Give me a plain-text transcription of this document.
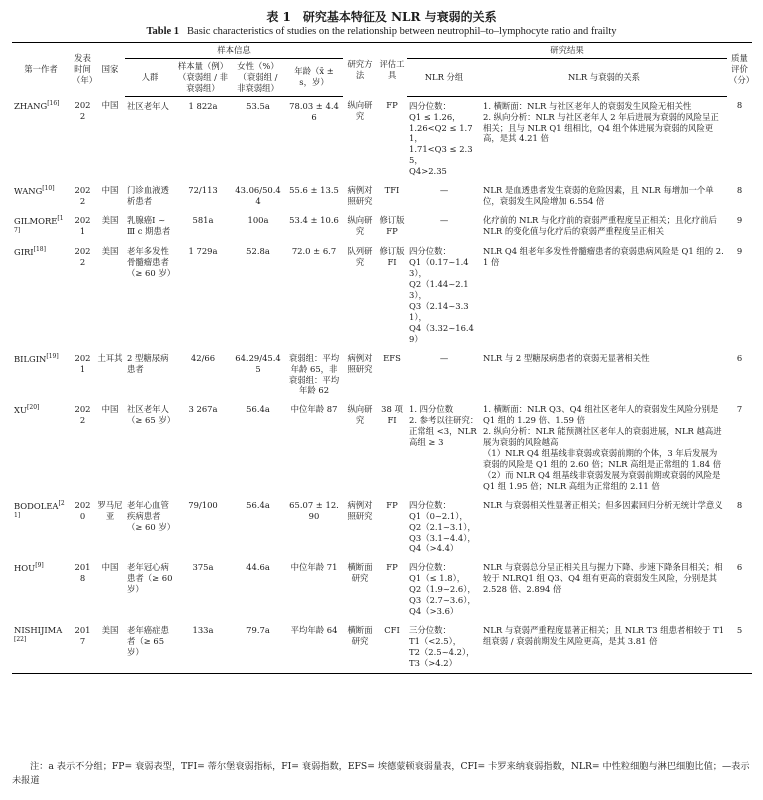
表 1　研究基本特征及 NLR 与衰弱的关系
Table 1 Basic characteristics of studies on the relationship between neutrophil–to–lymphocyte ratio and frailty
第一作者	发表时间（年）	国家	样本信息				研究方法	评估工具	研究结果		质量评价（分）
			人群	样本量（例）（衰弱组 / 非衰弱组）	女性（%）（衰弱组 / 非衰弱组）	年龄（x̄ ± s，岁）			NLR 分组	NLR 与衰弱的关系	
ZHANG[16]	2022	中国	社区老年人	1 822a	53.5a	78.03 ± 4.46	纵向研究	FP	四分位数：
Q1 ≤ 1.26，
1.26<Q2 ≤ 1.71，
1.71<Q3 ≤ 2.35，
Q4>2.35	1. 横断面：NLR 与社区老年人的衰弱发生风险无相关性
2. 纵向分析：NLR 与社区老年人 2 年后进展为衰弱的风险呈正相关；且与 NLR Q1 组相比，Q4 组个体进展为衰弱的风险更高，是其 4.21 倍	8
WANG[10]	2022	中国	门诊血液透析患者	72/113	43.06/50.44	55.6 ± 13.5	病例对照研究	TFI	—	NLR 是血透患者发生衰弱的危险因素，且 NLR 每增加一个单位，衰弱发生风险增加 6.554 倍	8
GILMORE[17]	2021	美国	乳腺癌Ⅰ ~ Ⅲ c 期患者	581a	100a	53.4 ± 10.6	纵向研究	修订版 FP	—	化疗前的 NLR 与化疗前的衰弱严重程度呈正相关；且化疗前后 NLR 的变化值与化疗后的衰弱严重程度呈正相关	9
GIRI[18]	2022	美国	老年多发性骨髓瘤患者（≥ 60 岁）	1 729a	52.8a	72.0 ± 6.7	队列研究	修订版 FI	四分位数：
Q1（0.17~1.43），
Q2（1.44~2.13），
Q3（2.14~3.31），
Q4（3.32~16.49）	NLR Q4 组老年多发性骨髓瘤患者的衰弱患病风险是 Q1 组的 2.1 倍	9
BILGIN[19]	2021	土耳其	2 型糖尿病患者	42/66	64.29/45.45	衰弱组：平均年龄 65，非衰弱组：平均年龄 62	病例对照研究	EFS	—	NLR 与 2 型糖尿病患者的衰弱无显著相关性	6
XU[20]	2022	中国	社区老年人（≥ 65 岁）	3 267a	56.4a	中位年龄 87	纵向研究	38 项 FI	1. 四分位数
2. 参考以往研究：正常组 <3，NLR 高组 ≥ 3	1. 横断面：NLR Q3、Q4 组社区老年人的衰弱发生风险分别是 Q1 组的 1.29 倍、1.59 倍
2. 纵向分析：NLR 能预测社区老年人的衰弱进展，NLR 越高进展为衰弱的风险越高
（1）NLR Q4 组基线非衰弱或衰弱前期的个体，3 年后发展为衰弱的风险是 Q1 组的 2.60 倍；NLR 高组是正常组的 1.84 倍
（2）而 NLR Q4 组基线非衰弱发展为衰弱前期或衰弱的风险是 Q1 组 1.95 倍；NLR 高组为正常组的 2.11 倍	7
BODOLEA[21]	2020	罗马尼亚	老年心血管疾病患者（≥ 60 岁）	79/100	56.4a	65.07 ± 12.90	病例对照研究	FP	四分位数：
Q1（0~2.1），
Q2（2.1~3.1），
Q3（3.1~4.4），
Q4（>4.4）	NLR 与衰弱相关性显著正相关；但多因素回归分析无统计学意义	8
HOU[9]	2018	中国	老年冠心病患者（≥ 60 岁）	375a	44.6a	中位年龄 71	横断面研究	FP	四分位数：
Q1（≤ 1.8），
Q2（1.9~2.6），
Q3（2.7~3.6），
Q4（>3.6）	NLR 与衰弱总分呈正相关且与握力下降、步速下降条目相关；相较于 NLRQ1 组 Q3、Q4 组有更高的衰弱发生风险，分别是其 2.528 倍、2.894 倍	6
NISHIJIMA[22]	2017	美国	老年癌症患者（≥ 65 岁）	133a	79.7a	平均年龄 64	横断面研究	CFI	三分位数：
T1（<2.5），
T2（2.5~4.2），
T3（>4.2）	NLR 与衰弱严重程度显著正相关；且 NLR T3 组患者相较于 T1 组衰弱 / 衰弱前期发生风险更高，是其 3.81 倍	5
注：a 表示不分组；FP= 衰弱表型，TFI= 蒂尔堡衰弱指标，FI= 衰弱指数，EFS= 埃德蒙顿衰弱量表，CFI= 卡罗来纳衰弱指数，NLR= 中性粒细胞与淋巴细胞比值；—表示未报道
